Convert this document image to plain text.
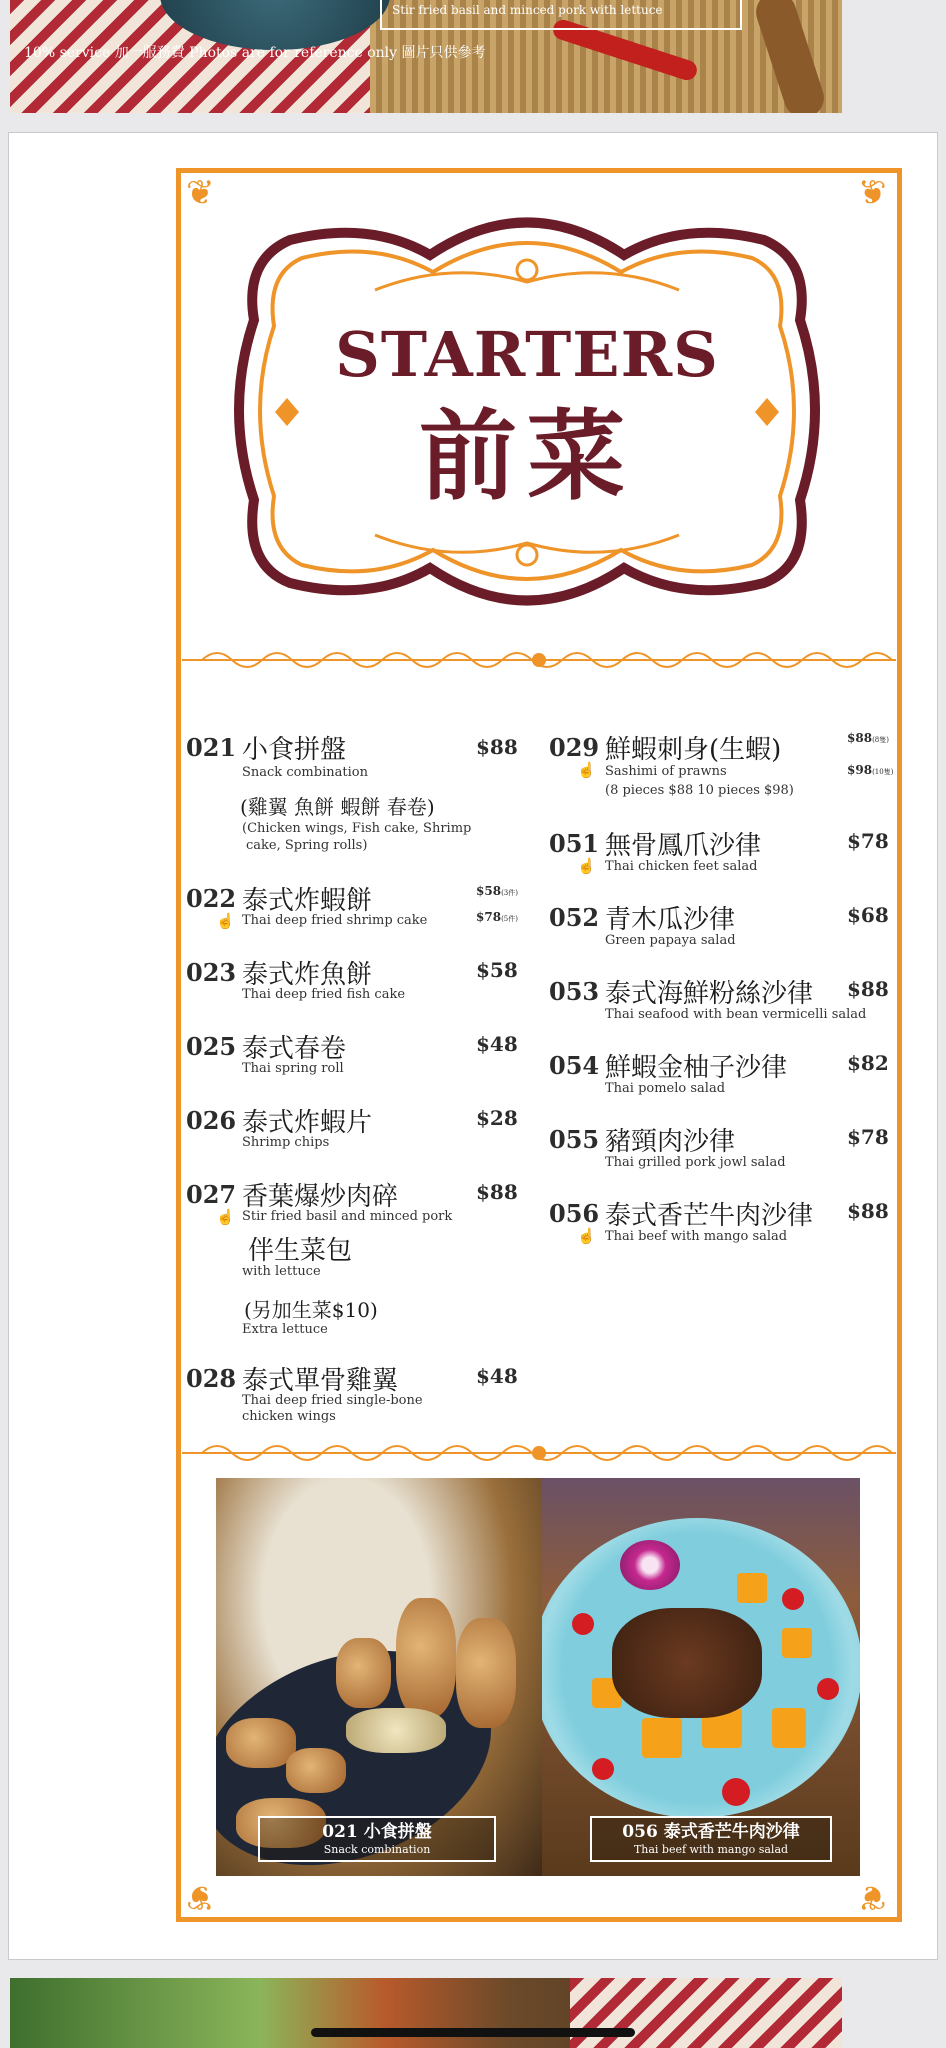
Stir fried basil and minced pork with lettuce
10% service 加一服務費 Photos are for reference only 圖片只供參考
❦	❦
❦	❦
STARTERS
前菜
021 小食拼盤
Snack combination
$88
(雞翼 魚餅 蝦餅 春卷)
(Chicken wings, Fish cake, Shrimp
cake, Spring rolls)
022 泰式炸蝦餅
☝ Thai deep fried shrimp cake
$58(3件)
$78(5件)
023 泰式炸魚餅
Thai deep fried fish cake
$58
025 泰式春卷
Thai spring roll
$48
026 泰式炸蝦片
Shrimp chips
$28
027 香葉爆炒肉碎
☝ Stir fried basil and minced pork
$88
伴生菜包
with lettuce
(另加生菜$10)
Extra lettuce
028 泰式單骨雞翼
Thai deep fried single-bone
chicken wings
$48
029 鮮蝦刺身(生蝦)
☝ Sashimi of prawns
(8 pieces $88 10 pieces $98)
$88(8隻)
$98(10隻)
051 無骨鳳爪沙律
☝ Thai chicken feet salad
$78
052 青木瓜沙律
Green papaya salad
$68
053 泰式海鮮粉絲沙律
Thai seafood with bean vermicelli salad
$88
054 鮮蝦金柚子沙律
Thai pomelo salad
$82
055 豬頸肉沙律
Thai grilled pork jowl salad
$78
056 泰式香芒牛肉沙律
☝ Thai beef with mango salad
$88
021 小食拼盤
Snack combination
056 泰式香芒牛肉沙律
Thai beef with mango salad
